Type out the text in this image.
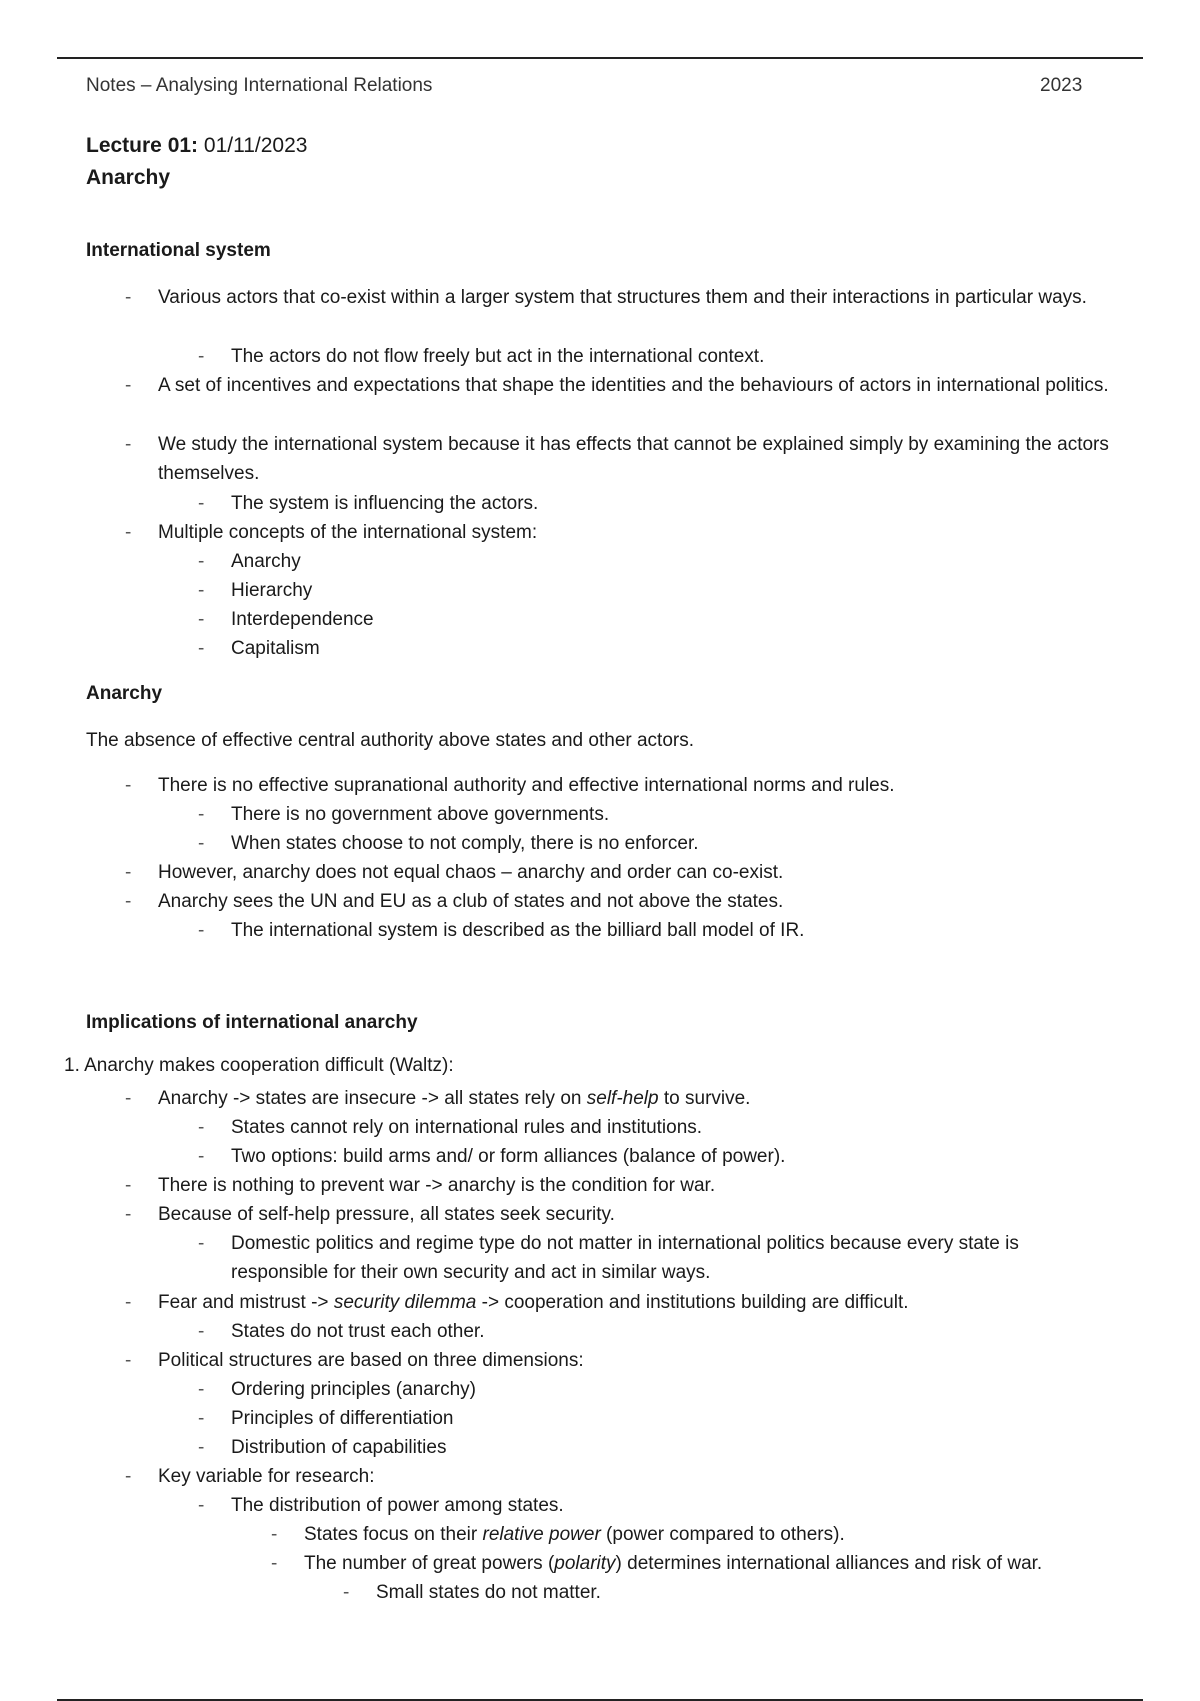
Notes – Analysing International Relations	2023
Lecture 01: 01/11/2023
Anarchy
International system
- Various actors that co-exist within a larger system that structures them and their interactions in particular ways.
- The actors do not flow freely but act in the international context.
- A set of incentives and expectations that shape the identities and the behaviours of actors in international politics.
- We study the international system because it has effects that cannot be explained simply by examining the actors themselves.
- The system is influencing the actors.
- Multiple concepts of the international system:
- Anarchy
- Hierarchy
- Interdependence
- Capitalism
Anarchy
The absence of effective central authority above states and other actors.
- There is no effective supranational authority and effective international norms and rules.
- There is no government above governments.
- When states choose to not comply, there is no enforcer.
- However, anarchy does not equal chaos – anarchy and order can co-exist.
- Anarchy sees the UN and EU as a club of states and not above the states.
- The international system is described as the billiard ball model of IR.
Implications of international anarchy
1. Anarchy makes cooperation difficult (Waltz):
- Anarchy -> states are insecure -> all states rely on self-help to survive.
- States cannot rely on international rules and institutions.
- Two options: build arms and/ or form alliances (balance of power).
- There is nothing to prevent war -> anarchy is the condition for war.
- Because of self-help pressure, all states seek security.
- Domestic politics and regime type do not matter in international politics because every state is responsible for their own security and act in similar ways.
- Fear and mistrust -> security dilemma -> cooperation and institutions building are difficult.
- States do not trust each other.
- Political structures are based on three dimensions:
- Ordering principles (anarchy)
- Principles of differentiation
- Distribution of capabilities
- Key variable for research:
- The distribution of power among states.
- States focus on their relative power (power compared to others).
- The number of great powers (polarity) determines international alliances and risk of war.
- Small states do not matter.
